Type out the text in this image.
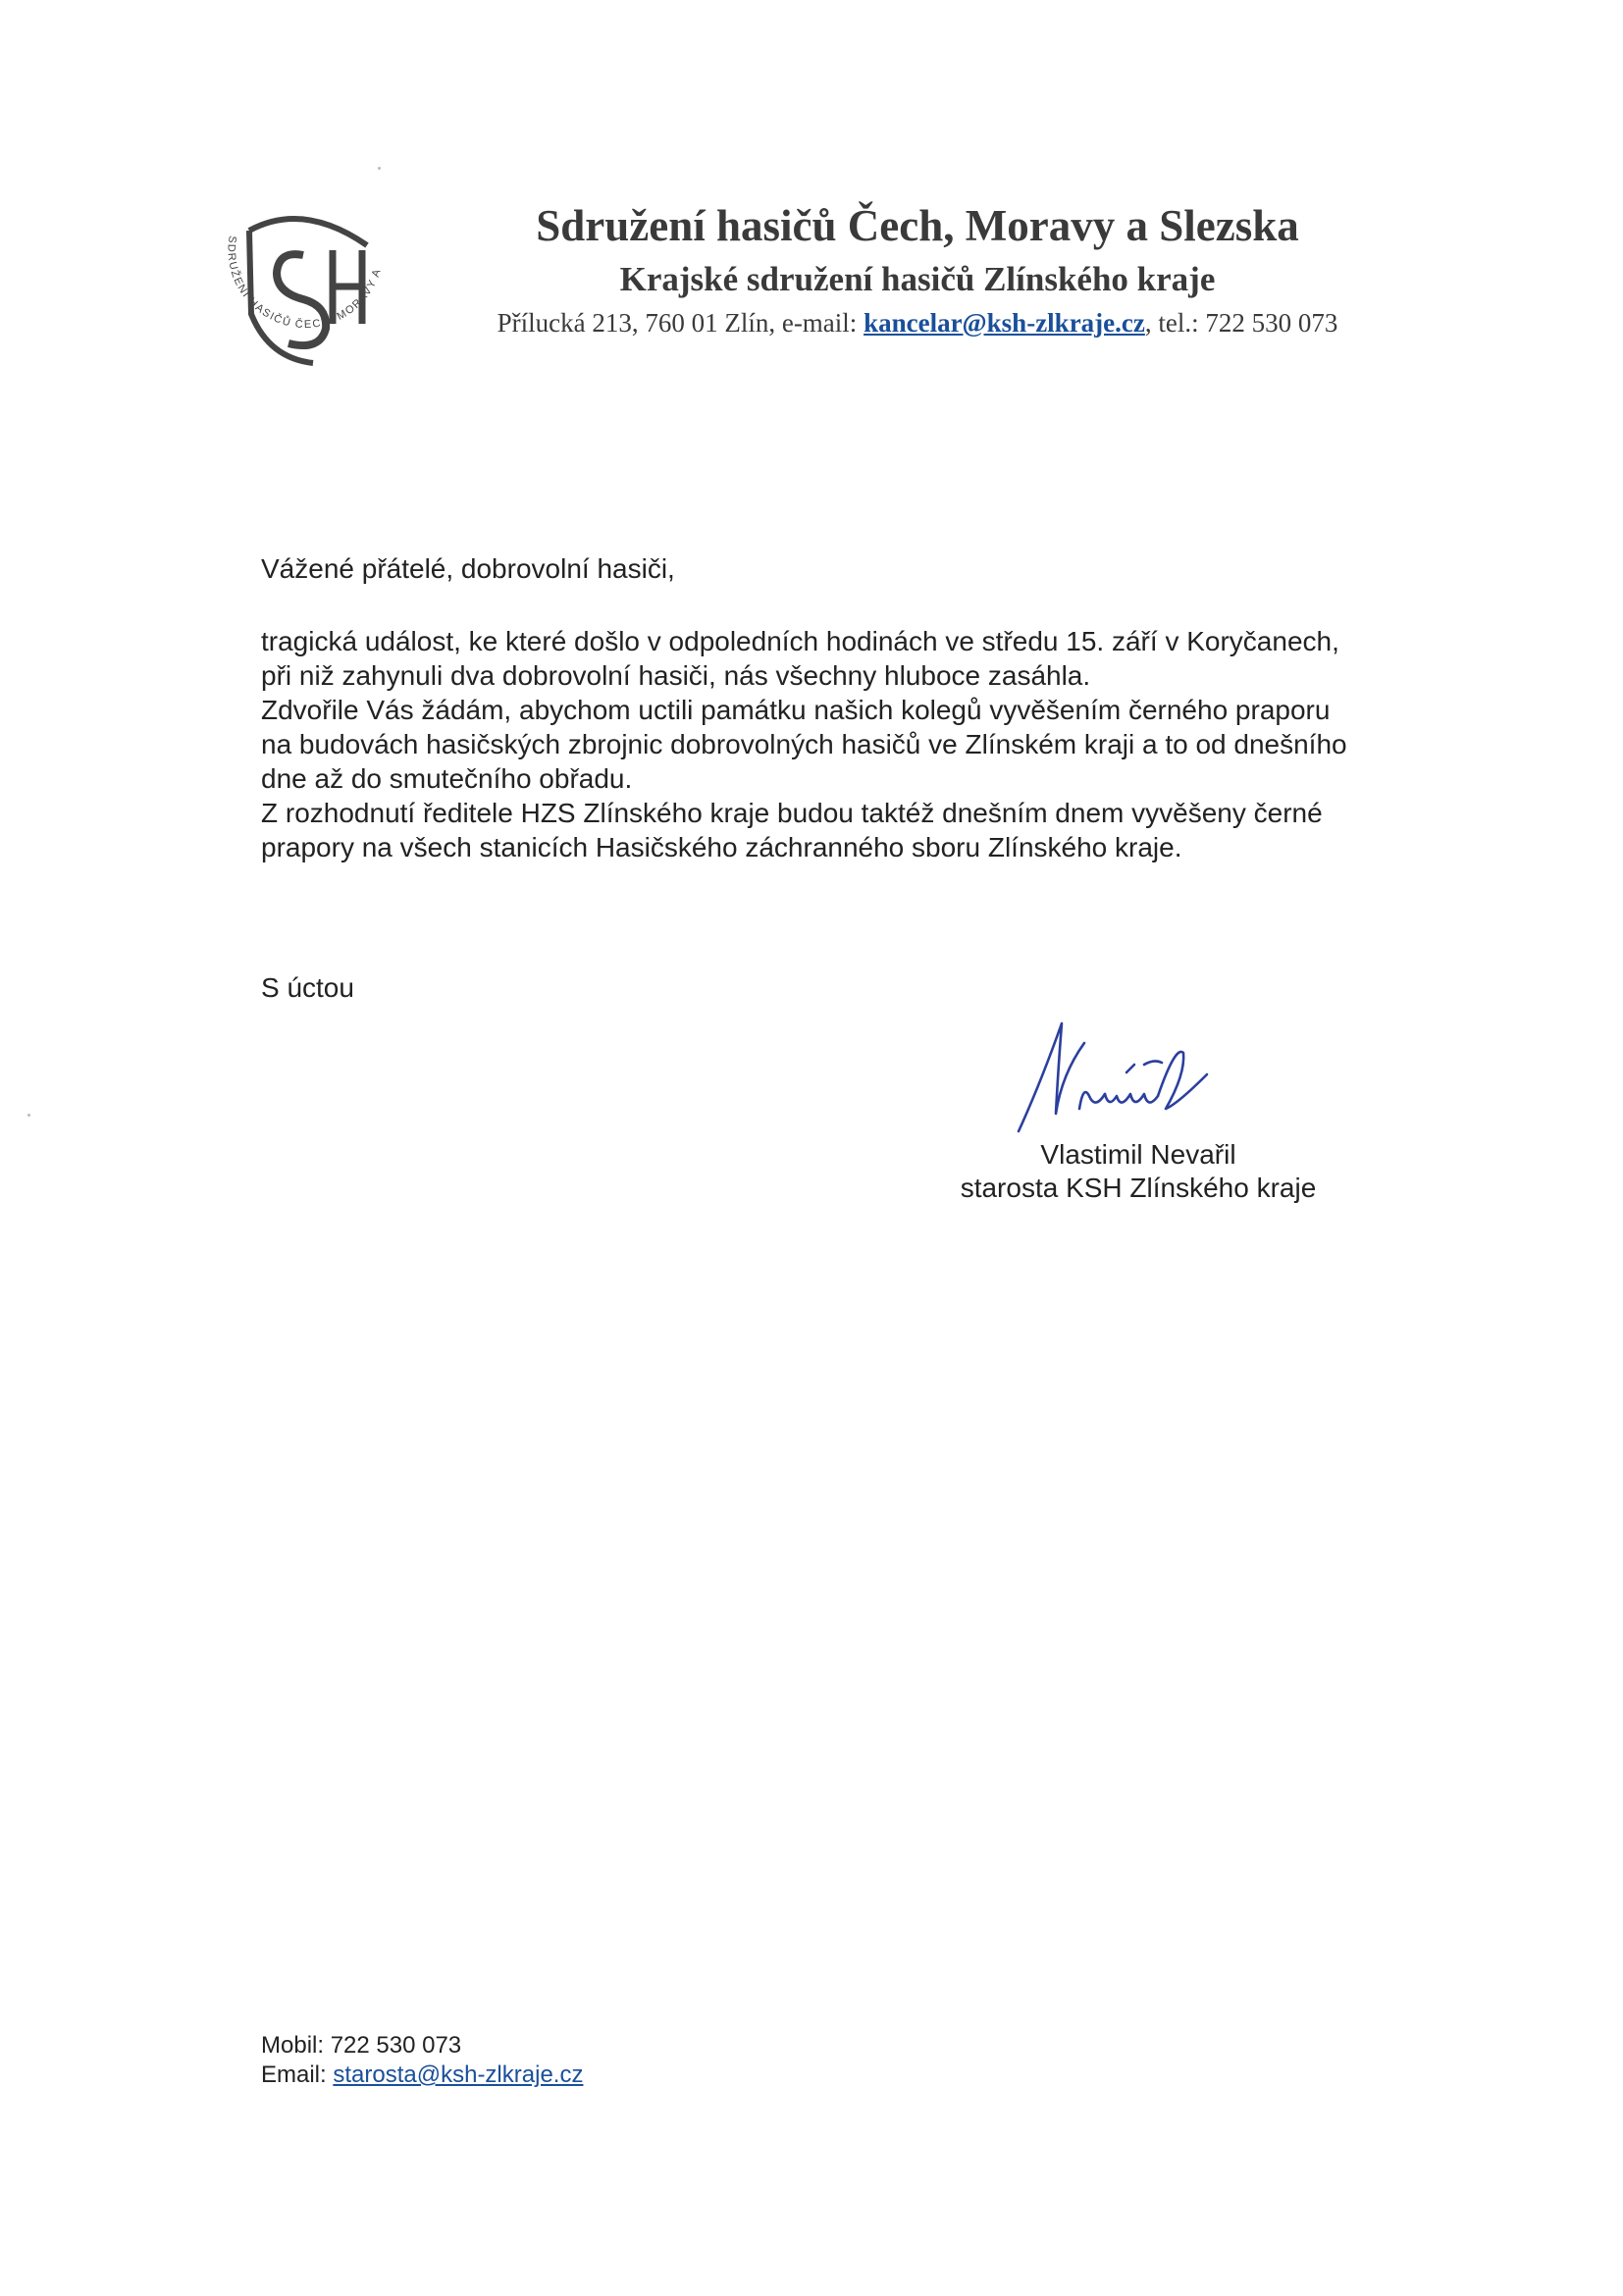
SDRUŽENÍ HASIČŮ ČECH, MORAVY A

Sdružení hasičů Čech, Moravy a Slezska

Krajské sdružení hasičů Zlínského kraje

Přílucká 213, 760 01 Zlín, e-mail: kancelar@ksh-zlkraje.cz, tel.: 722 530 073

Vážené přátelé, dobrovolní hasiči,

tragická událost, ke které došlo v odpoledních hodinách ve středu 15. září v Koryčanech,

při niž zahynuli dva dobrovolní hasiči, nás všechny hluboce zasáhla.

Zdvořile Vás žádám, abychom uctili památku našich kolegů vyvěšením černého praporu

na budovách hasičských zbrojnic dobrovolných hasičů ve Zlínském kraji a to od dnešního

dne až do smutečního obřadu.

Z rozhodnutí ředitele HZS Zlínského kraje budou taktéž dnešním dnem vyvěšeny černé

prapory na všech stanicích Hasičského záchranného sboru Zlínského kraje.

S úctou
Vlastimil Nevařil
starosta KSH Zlínského kraje
Mobil: 722 530 073
Email: starosta@ksh-zlkraje.cz
